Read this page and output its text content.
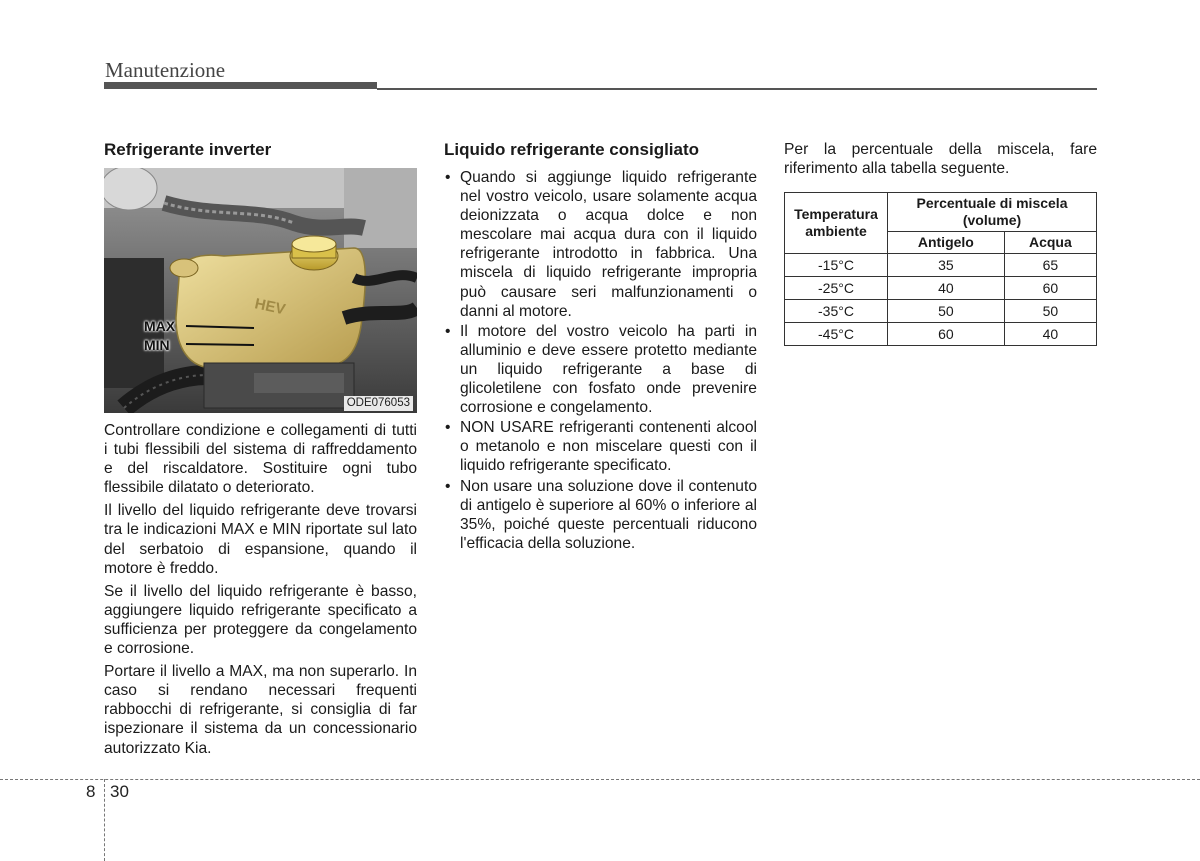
Manutenzione
Refrigerante inverter
HEV
MAX
MIN
ODE076053

Controllare condizione e collegamenti di tutti i tubi flessibili del sistema di raffreddamento e del riscaldatore. Sostituire ogni tubo flessibile dilatato o deteriorato.

Il livello del liquido refrigerante deve trovarsi tra le indicazioni MAX e MIN riportate sul lato del serbatoio di espansione, quando il motore è freddo.

Se il livello del liquido refrigerante è basso, aggiungere liquido refrigerante specificato a sufficienza per proteggere da congelamento e corrosione.

Portare il livello a MAX, ma non superarlo. In caso si rendano necessari frequenti rabbocchi di refrigerante, si consiglia di far ispezionare il sistema da un concessionario autorizzato Kia.

Liquido refrigerante consigliato
• Quando si aggiunge liquido refrigerante nel vostro veicolo, usare solamente acqua deionizzata o acqua dolce e non mescolare mai acqua dura con il liquido refrigerante introdotto in fabbrica. Una miscela di liquido refrigerante impropria può causare seri malfunzionamenti o danni al motore.
• Il motore del vostro veicolo ha parti in alluminio e deve essere protetto mediante un liquido refrigerante a base di glicoletilene con fosfato onde prevenire corrosione e congelamento.
• NON USARE refrigeranti contenenti alcool o metanolo e non miscelare questi con il liquido refrigerante specificato.
• Non usare una soluzione dove il contenuto di antigelo è superiore al 60% o inferiore al 35%, poiché queste percentuali riducono l'efficacia della soluzione.

Per la percentuale della miscela, fare riferimento alla tabella seguente.

Temperatura ambiente	Percentuale di miscela (volume)	
	Antigelo	Acqua
-15°C	35	65
-25°C	40	60
-35°C	50	50
-45°C	60	40
8 30
